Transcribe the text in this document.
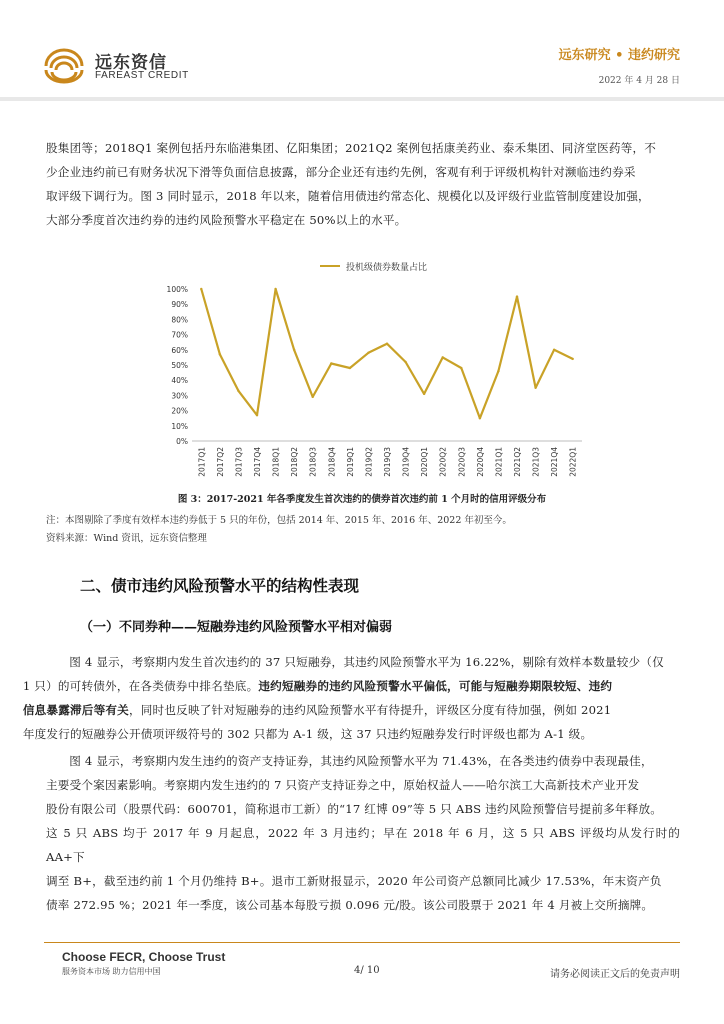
远东资信
FAREAST CREDIT
远东研究 • 违约研究
2022 年 4 月 28 日
股集团等；2018Q1 案例包括丹东临港集团、亿阳集团；2021Q2 案例包括康美药业、泰禾集团、同济堂医药等，不
少企业违约前已有财务状况下滑等负面信息披露，部分企业还有违约先例，客观有利于评级机构针对濒临违约券采
取评级下调行为。图 3 同时显示，2018 年以来，随着信用债违约常态化、规模化以及评级行业监管制度建设加强，
大部分季度首次违约券的违约风险预警水平稳定在 50%以上的水平。
投机级债券数量占比
0%
10%
20%
30%
40%
50%
60%
70%
80%
90%
100%
2017Q1 2017Q2 2017Q3 2017Q4 2018Q1 2018Q2 2018Q3 2018Q4 2019Q1 2019Q2 2019Q3 2019Q4 2020Q1 2020Q2 2020Q3 2020Q4 2021Q1 2021Q2 2021Q3 2021Q4 2022Q1
图 3：2017-2021 年各季度发生首次违约的债券首次违约前 1 个月时的信用评级分布
注：本图剔除了季度有效样本违约券低于 5 只的年份，包括 2014 年、2015 年、2016 年、2022 年初至今。
资料来源：Wind 资讯，远东资信整理
二、债市违约风险预警水平的结构性表现
（一）不同券种——短融券违约风险预警水平相对偏弱
图 4 显示，考察期内发生首次违约的 37 只短融券，其违约风险预警水平为 16.22%，剔除有效样本数量较少（仅
1 只）的可转债外，在各类债券中排名垫底。违约短融券的违约风险预警水平偏低，可能与短融券期限较短、违约
信息暴露滞后等有关，同时也反映了针对短融券的违约风险预警水平有待提升，评级区分度有待加强，例如 2021
年度发行的短融券公开债项评级符号的 302 只都为 A-1 级，这 37 只违约短融券发行时评级也都为 A-1 级。
图 4 显示，考察期内发生违约的资产支持证券，其违约风险预警水平为 71.43%，在各类违约债券中表现最佳，
主要受个案因素影响。考察期内发生违约的 7 只资产支持证券之中，原始权益人——哈尔滨工大高新技术产业开发
股份有限公司（股票代码：600701，简称退市工新）的“17 红博 09”等 5 只 ABS 违约风险预警信号提前多年释放。
这 5 只 ABS 均于 2017 年 9 月起息，2022 年 3 月违约；早在 2018 年 6 月，这 5 只 ABS 评级均从发行时的 AA+下
调至 B+，截至违约前 1 个月仍维持 B+。退市工新财报显示，2020 年公司资产总额同比减少 17.53%，年末资产负
债率 272.95 %；2021 年一季度，该公司基本每股亏损 0.096 元/股。该公司股票于 2021 年 4 月被上交所摘牌。
Choose FECR, Choose Trust
服务资本市场 助力信用中国	4/ 10	请务必阅读正文后的免责声明
